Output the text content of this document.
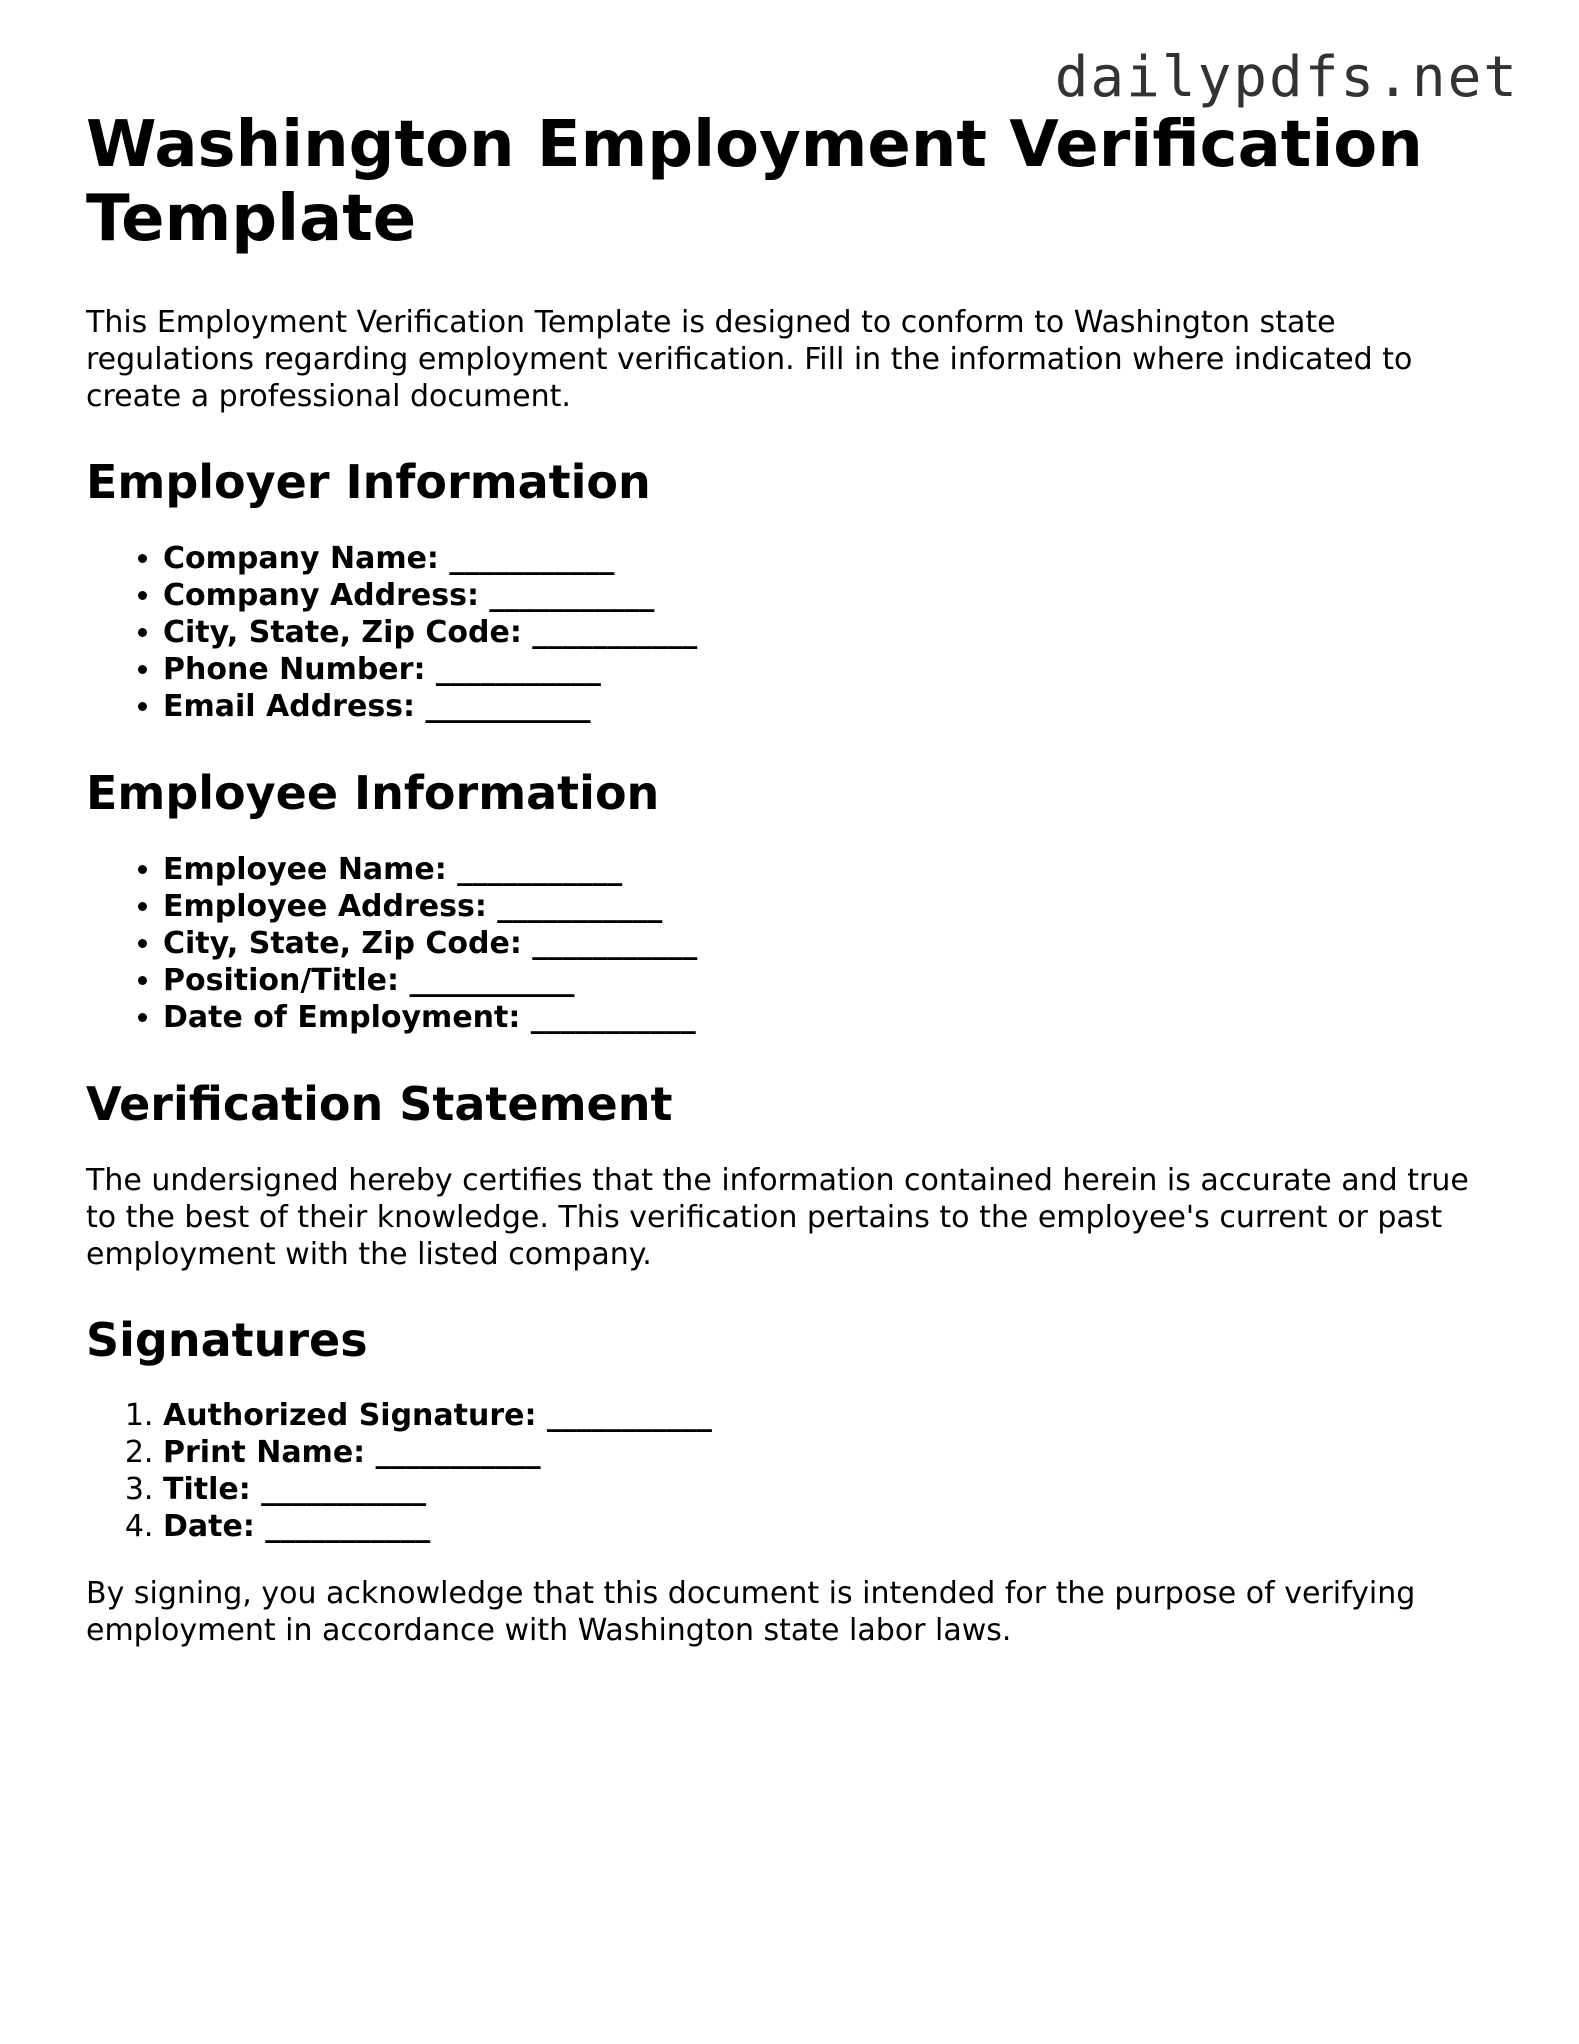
dailypdfs.net
Washington Employment Verification Template

This Employment Verification Template is designed to conform to Washington state regulations regarding employment verification. Fill in the information where indicated to create a professional document.

Employer Information
• Company Name: ___________
• Company Address: ___________
• City, State, Zip Code: ___________
• Phone Number: ___________
• Email Address: ___________
Employee Information
• Employee Name: ___________
• Employee Address: ___________
• City, State, Zip Code: ___________
• Position/Title: ___________
• Date of Employment: ___________
Verification Statement

The undersigned hereby certifies that the information contained herein is accurate and true to the best of their knowledge. This verification pertains to the employee's current or past employment with the listed company.

Signatures
1. Authorized Signature: ___________
2. Print Name: ___________
3. Title: ___________
4. Date: ___________

By signing, you acknowledge that this document is intended for the purpose of verifying employment in accordance with Washington state labor laws.
